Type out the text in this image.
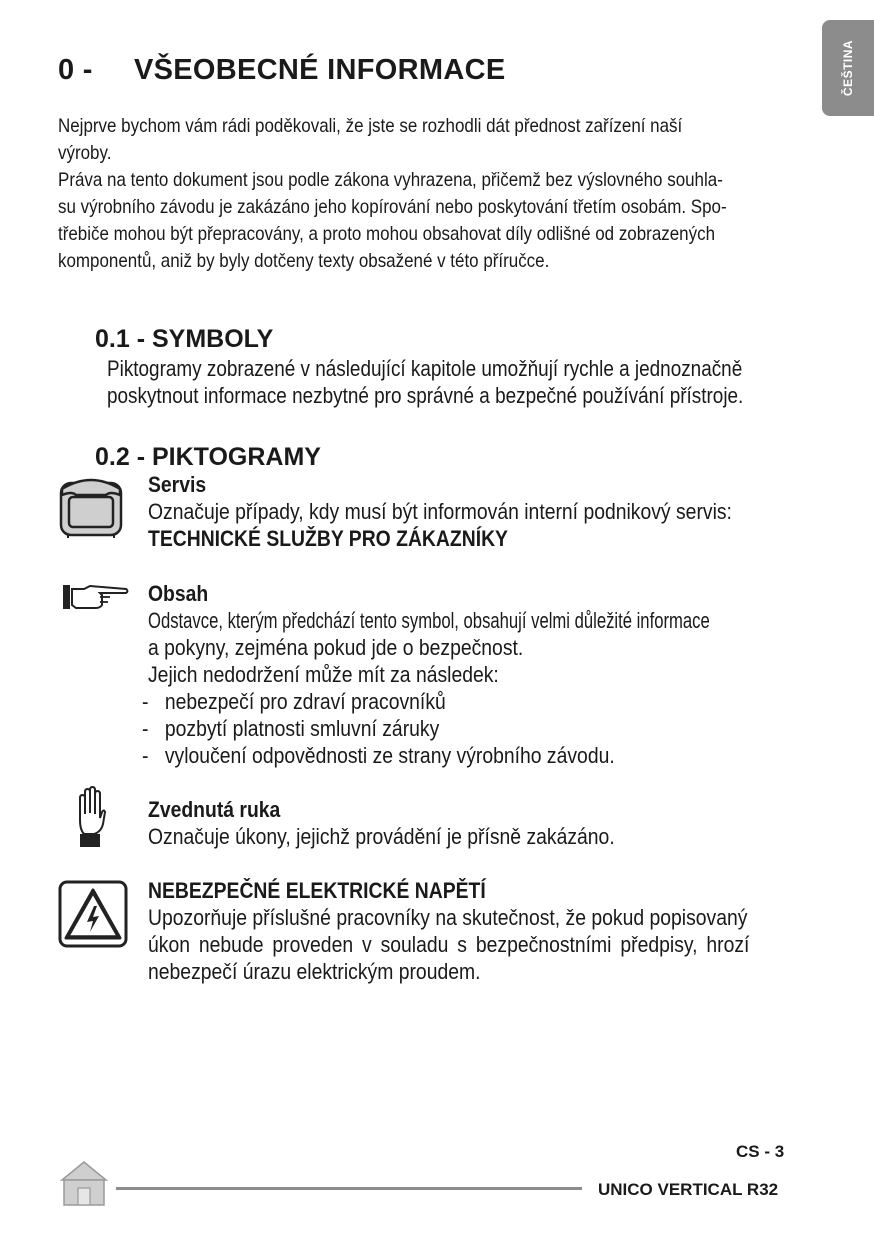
ČEŠTINA
0 - VŠEOBECNÉ INFORMACE

Nejprve bychom vám rádi poděkovali, že jste se rozhodli dát přednost zařízení naší

výroby.

Práva na tento dokument jsou podle zákona vyhrazena, přičemž bez výslovného souhla-

su výrobního závodu je zakázáno jeho kopírování nebo poskytování třetím osobám. Spo-

třebiče mohou být přepracovány, a proto mohou obsahovat díly odlišné od zobrazených

komponentů, aniž by byly dotčeny texty obsažené v této příručce.

0.1 - SYMBOLY

Piktogramy zobrazené v následující kapitole umožňují rychle a jednoznačně

poskytnout informace nezbytné pro správné a bezpečné používání přístroje.

0.2 - PIKTOGRAMY

Servis

Označuje případy, kdy musí být informován interní podnikový servis:

TECHNICKÉ SLUŽBY PRO ZÁKAZNÍKY

Obsah

Odstavce, kterým předchází tento symbol, obsahují velmi důležité informace

a pokyny, zejména pokud jde o bezpečnost.

Jejich nedodržení může mít za následek:

- nebezpečí pro zdraví pracovníků
- pozbytí platnosti smluvní záruky
- vyloučení odpovědnosti ze strany výrobního závodu.

Zvednutá ruka

Označuje úkony, jejichž provádění je přísně zakázáno.

NEBEZPEČNÉ ELEKTRICKÉ NAPĚTÍ

Upozorňuje příslušné pracovníky na skutečnost, že pokud popisovaný

úkon nebude proveden v souladu s bezpečnostními předpisy, hrozí

nebezpečí úrazu elektrickým proudem.

CS - 3
UNICO VERTICAL R32
